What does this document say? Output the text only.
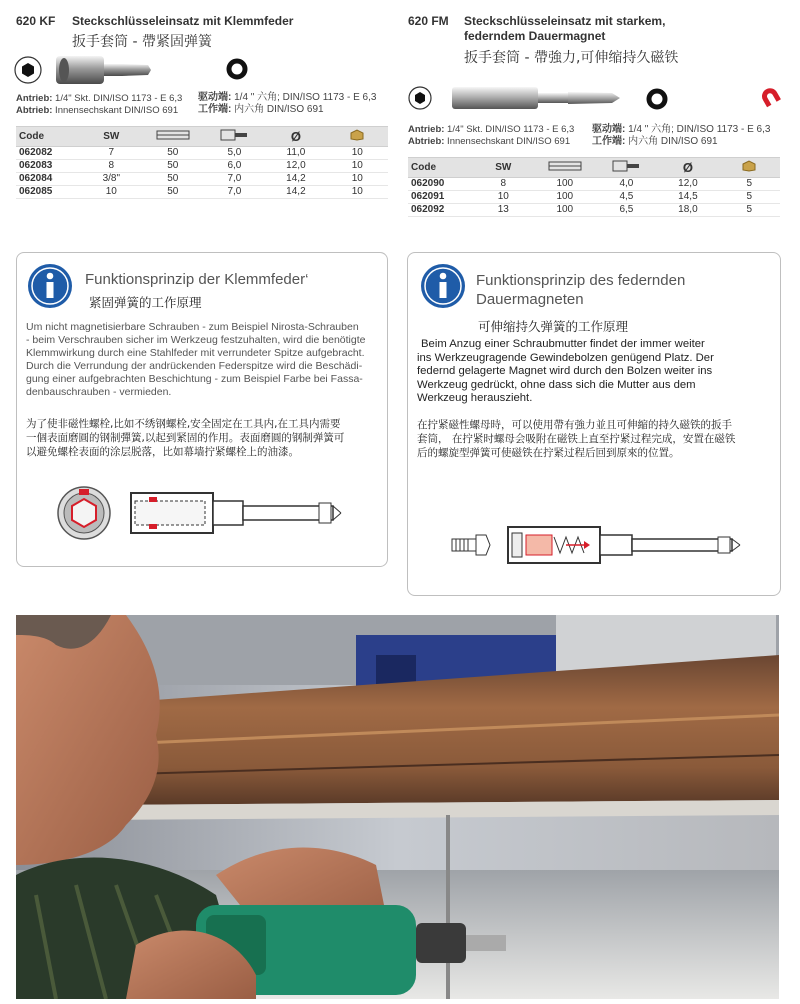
620 KF Steckschlüsseleinsatz mit Klemmfeder
扳手套筒 - 帶紧固弹簧
Antrieb: 1/4" Skt. DIN/ISO 1173 - E 6,3
Abtrieb: Innensechskant DIN/ISO 691
驱动端: 1/4 " 六角; DIN/ISO 1173 - E 6,3
工作端: 内六角 DIN/ISO 691
Code	SW			Ø	
062082	7	50	5,0	11,0	10
062083	8	50	6,0	12,0	10
062084	3/8"	50	7,0	14,2	10
062085	10	50	7,0	14,2	10
620 FM Steckschlüsseleinsatz mit starkem,
federndem Dauermagnet
扳手套筒 - 帶強力,可伸缩持久磁铁
Antrieb: 1/4" Skt. DIN/ISO 1173 - E 6,3
Abtrieb: Innensechskant DIN/ISO 691
驱动端: 1/4 " 六角; DIN/ISO 1173 - E 6,3
工作端: 内六角 DIN/ISO 691
Code	SW			Ø	
062090	8	100	4,0	12,0	5
062091	10	100	4,5	14,5	5
062092	13	100	6,5	18,0	5
Funktionsprinzip der Klemmfeder‘
紧固弹簧的工作原理
Um nicht magnetisierbare Schrauben - zum Beispiel Nirosta-Schrauben
- beim Verschrauben sicher im Werkzeug festzuhalten, wird die benötigte
Klemmwirkung durch eine Stahlfeder mit verrundeter Spitze aufgebracht.
Durch die Verrundung der andrückenden Federspitze wird die Beschädi-
gung einer aufgebrachten Beschichtung - zum Beispiel Farbe bei Fassa-
denbauschrauben - vermieden.
为了使非磁性螺栓,比如不绣钢螺栓,安全固定在工具内,在工具内需要
一個表面磨圓的钢制彈簧,以起到紧固的作用。表面磨圓的钢制弹簧可
以避免螺栓表面的涂层脱落，比如幕墙拧紧螺栓上的油漆。
Funktionsprinzip des federnden
Dauermagneten
可伸缩持久弹簧的工作原理
Beim Anzug einer Schraubmutter findet der immer weiter
ins Werkzeugragende Gewindebolzen genügend Platz. Der
federnd gelagerte Magnet wird durch den Bolzen weiter ins
Werkzeug gedrückt, ohne dass sich die Mutter aus dem
Werkzeug herauszieht.
在拧紧磁性螺母時，可以使用帶有強力並且可伸縮的持久磁铁的扳手
套筒， 在拧紧时螺母会吸附在磁铁上直至拧紧过程完成，安置在磁铁
后的螺旋型弹簧可使磁铁在拧紧过程后回到原來的位置。
